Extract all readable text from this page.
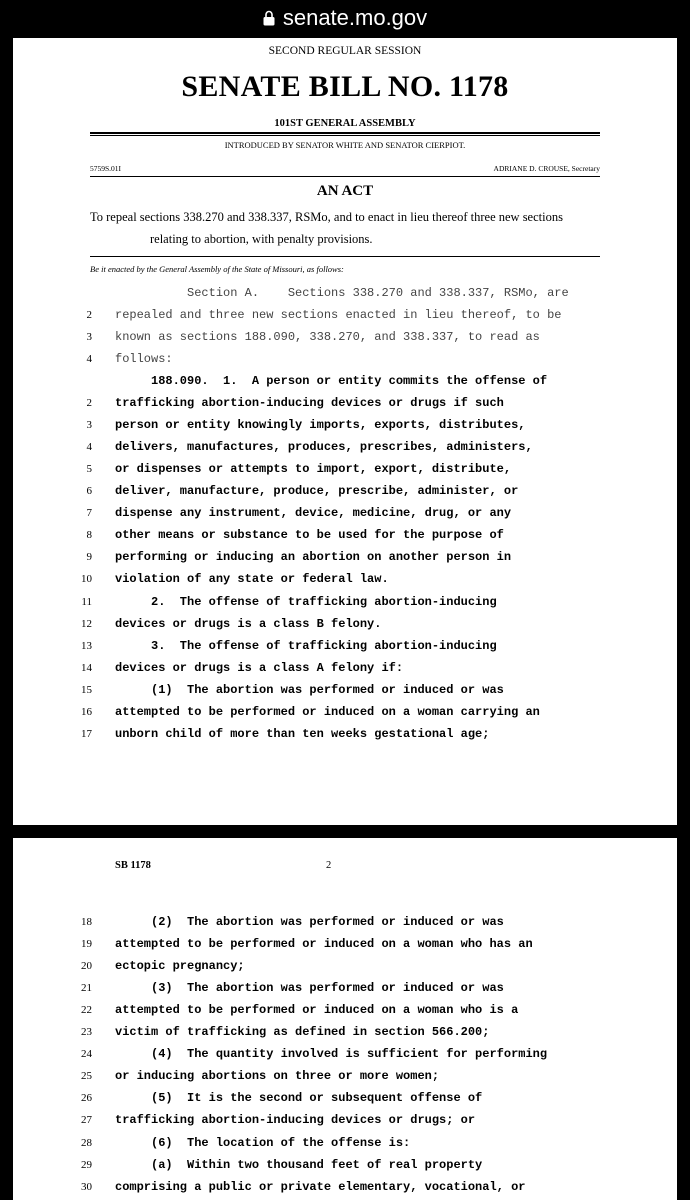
senate.mo.gov
SECOND REGULAR SESSION
SENATE BILL NO. 1178
101ST GENERAL ASSEMBLY
INTRODUCED BY SENATOR WHITE AND SENATOR CIERPIOT.
5759S.01I	ADRIANE D. CROUSE, Secretary
AN ACT
To repeal sections 338.270 and 338.337, RSMo, and to enact in lieu thereof three new sections
relating to abortion, with penalty provisions.
Be it enacted by the General Assembly of the State of Missouri, as follows:
Section A.    Sections 338.270 and 338.337, RSMo, are
2 repealed and three new sections enacted in lieu thereof, to be
3 known as sections 188.090, 338.270, and 338.337, to read as
4 follows:
188.090.  1.  A person or entity commits the offense of
2 trafficking abortion-inducing devices or drugs if such
3 person or entity knowingly imports, exports, distributes,
4 delivers, manufactures, produces, prescribes, administers,
5 or dispenses or attempts to import, export, distribute,
6 deliver, manufacture, produce, prescribe, administer, or
7 dispense any instrument, device, medicine, drug, or any
8 other means or substance to be used for the purpose of
9 performing or inducing an abortion on another person in
10 violation of any state or federal law.
11 2.  The offense of trafficking abortion-inducing
12 devices or drugs is a class B felony.
13 3.  The offense of trafficking abortion-inducing
14 devices or drugs is a class A felony if:
15 (1)  The abortion was performed or induced or was
16 attempted to be performed or induced on a woman carrying an
17 unborn child of more than ten weeks gestational age;
SB 1178	2
18 (2)  The abortion was performed or induced or was
19 attempted to be performed or induced on a woman who has an
20 ectopic pregnancy;
21 (3)  The abortion was performed or induced or was
22 attempted to be performed or induced on a woman who is a
23 victim of trafficking as defined in section 566.200;
24 (4)  The quantity involved is sufficient for performing
25 or inducing abortions on three or more women;
26 (5)  It is the second or subsequent offense of
27 trafficking abortion-inducing devices or drugs; or
28 (6)  The location of the offense is:
29 (a)  Within two thousand feet of real property
30 comprising a public or private elementary, vocational, or
